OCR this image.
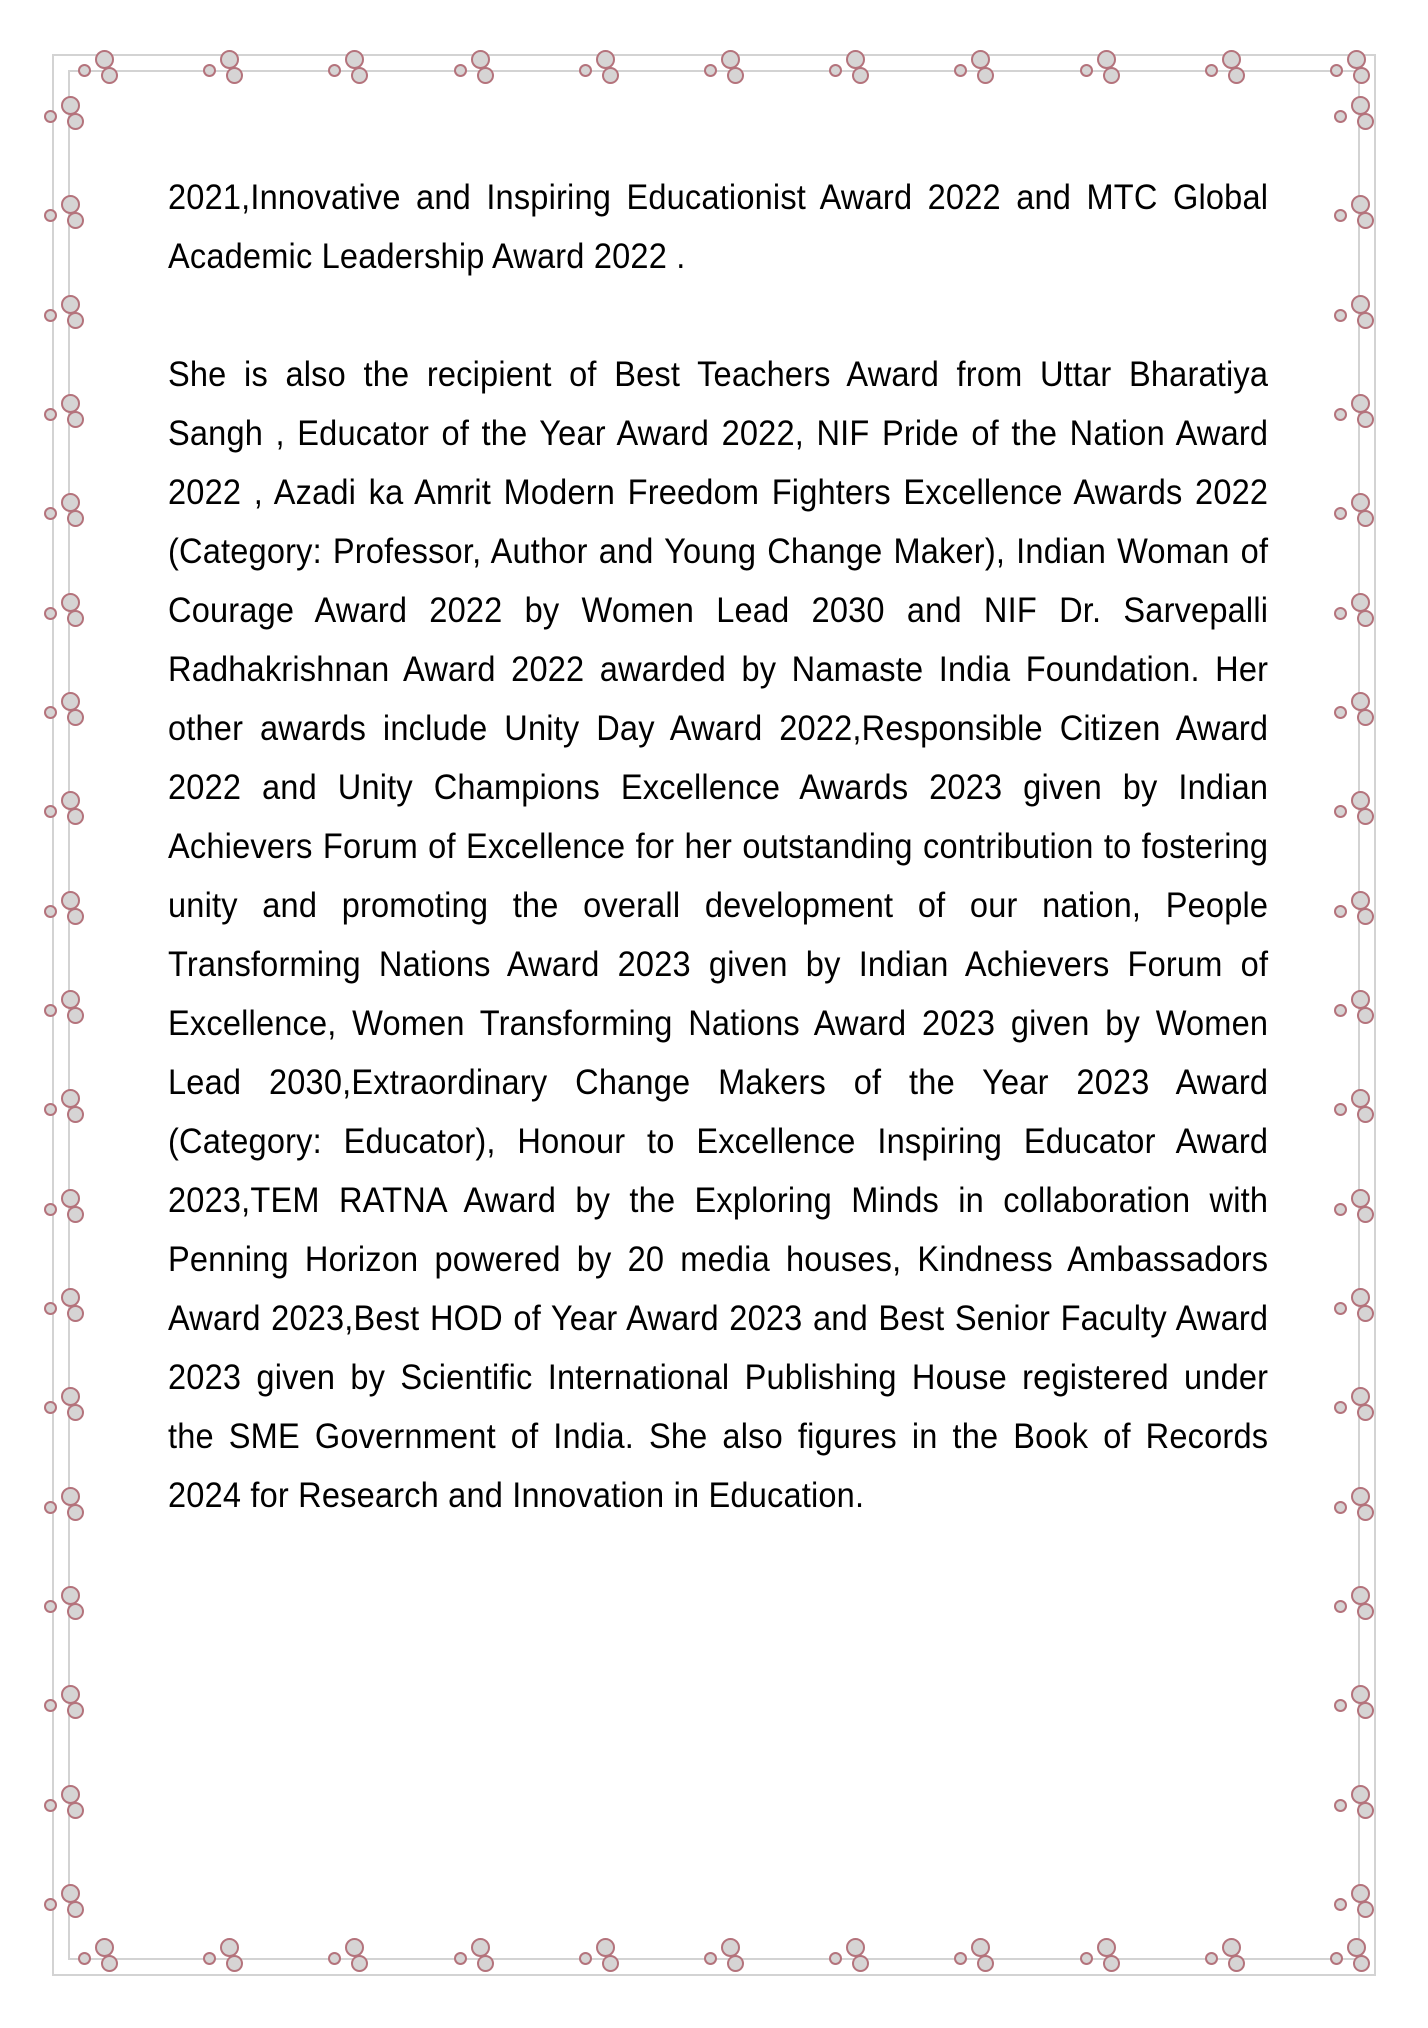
2021,Innovative and Inspiring Educationist Award 2022 and MTC Global Academic Leadership Award 2022 .

She is also the recipient of Best Teachers Award from Uttar Bharatiya Sangh , Educator of the Year Award 2022, NIF Pride of the Nation Award 2022 , Azadi ka Amrit Modern Freedom Fighters Excellence Awards 2022 (Category: Professor, Author and Young Change Maker), Indian Woman of Courage Award 2022 by Women Lead 2030 and NIF Dr. Sarvepalli Radhakrishnan Award 2022 awarded by Namaste India Foundation. Her other awards include Unity Day Award 2022,Responsible Citizen Award 2022 and Unity Champions Excellence Awards 2023 given by Indian Achievers Forum of Excellence for her outstanding contribution to fostering unity and promoting the overall development of our nation, People Transforming Nations Award 2023 given by Indian Achievers Forum of Excellence, Women Transforming Nations Award 2023 given by Women Lead 2030,Extraordinary Change Makers of the Year 2023 Award (Category: Educator), Honour to Excellence Inspiring Educator Award 2023,TEM RATNA Award by the Exploring Minds in collaboration with Penning Horizon powered by 20 media houses, Kindness Ambassadors Award 2023,Best HOD of Year Award 2023 and Best Senior Faculty Award 2023 given by Scientific International Publishing House registered under the SME Government of India. She also figures in the Book of Records 2024 for Research and Innovation in Education.
